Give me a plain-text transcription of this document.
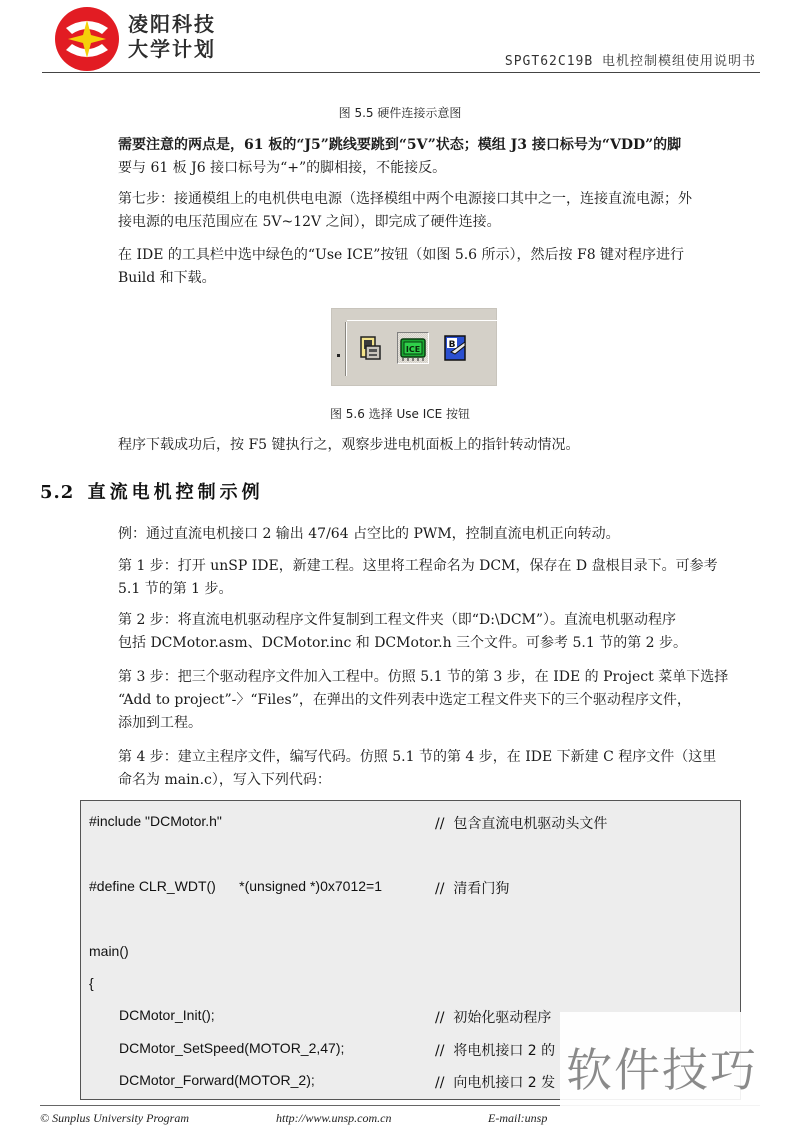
凌阳科技
大学计划
SPGT62C19B 电机控制模组使用说明书
图 5.5 硬件连接示意图
需要注意的两点是，61 板的“J5”跳线要跳到“5V”状态；模组 J3 接口标号为“VDD”的脚
要与 61 板 J6 接口标号为“+”的脚相接，不能接反。
第七步：接通模组上的电机供电电源（选择模组中两个电源接口其中之一，连接直流电源；外
接电源的电压范围应在 5V~12V 之间），即完成了硬件连接。
在 IDE 的工具栏中选中绿色的“Use ICE”按钮（如图 5.6 所示），然后按 F8 键对程序进行
Build 和下载。
ICE	B
图 5.6 选择 Use ICE 按钮
程序下载成功后，按 F5 键执行之，观察步进电机面板上的指针转动情况。
5.2 直流电机控制示例
例：通过直流电机接口 2 输出 47/64 占空比的 PWM，控制直流电机正向转动。
第 1 步：打开 unSP IDE，新建工程。这里将工程命名为 DCM，保存在 D 盘根目录下。可参考
5.1 节的第 1 步。
第 2 步：将直流电机驱动程序文件复制到工程文件夹（即“D:\DCM”）。直流电机驱动程序
包括 DCMotor.asm、DCMotor.inc 和 DCMotor.h 三个文件。可参考 5.1 节的第 2 步。
第 3 步：把三个驱动程序文件加入工程中。仿照 5.1 节的第 3 步，在 IDE 的 Project 菜单下选择
“Add to project”-〉“Files”，在弹出的文件列表中选定工程文件夹下的三个驱动程序文件，
添加到工程。
第 4 步：建立主程序文件，编写代码。仿照 5.1 节的第 4 步，在 IDE 下新建 C 程序文件（这里
命名为 main.c），写入下列代码：
#include "DCMotor.h"	//  包含直流电机驱动头文件
#define CLR_WDT()      *(unsigned *)0x7012=1	//  清看门狗
main()
{
DCMotor_Init();	//  初始化驱动程序
DCMotor_SetSpeed(MOTOR_2,47);	//  将电机接口 2 的
DCMotor_Forward(MOTOR_2);	//  向电机接口 2 发
© Sunplus University Program	http://www.unsp.com.cn	E-mail:unsp
软件技巧
